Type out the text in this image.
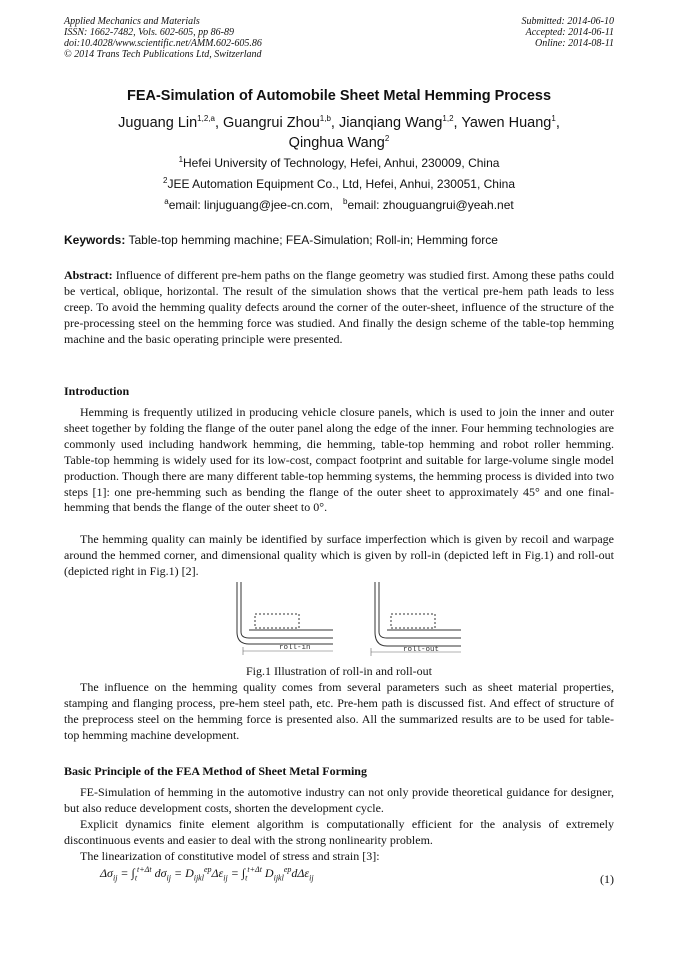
Applied Mechanics and Materials
ISSN: 1662-7482, Vols. 602-605, pp 86-89
doi:10.4028/www.scientific.net/AMM.602-605.86
© 2014 Trans Tech Publications Ltd, Switzerland
Submitted: 2014-06-10
Accepted: 2014-06-11
Online: 2014-08-11
FEA-Simulation of Automobile Sheet Metal Hemming Process
Juguang Lin$^{1,2,a}$, Guangrui Zhou$^{1,b}$, Jianqiang Wang$^{1,2}$, Yawen Huang$^1$,
Qinghua Wang$^2$
$^1$Hefei University of Technology, Hefei, Anhui, 230009, China
$^2$JEE Automation Equipment Co., Ltd, Hefei, Anhui, 230051, China
$^a$email: linjuguang@jee-cn.com, $^b$email: zhouguangrui@yeah.net
Keywords: Table-top hemming machine; FEA-Simulation; Roll-in; Hemming force

Abstract: Influence of different pre-hem paths on the flange geometry was studied first. Among these paths could be vertical, oblique, horizontal. The result of the simulation shows that the vertical pre-hem path leads to less creep. To avoid the hemming quality defects around the corner of the outer-sheet, influence of the structure of the pre-processing steel on the hemming force was studied. And finally the design scheme of the table-top hemming machine and the basic operating principle were presented.

Introduction

Hemming is frequently utilized in producing vehicle closure panels, which is used to join the inner and outer sheet together by folding the flange of the outer panel along the edge of the inner. Four hemming technologies are commonly used including handwork hemming, die hemming, table-top hemming and robot roller hemming. Table-top hemming is widely used for its low-cost, compact footprint and suitable for large-volume single model production. Though there are many different table-top hemming systems, the hemming process is divided into two steps [1]: one pre-hemming such as bending the flange of the outer sheet to approximately 45° and one final-hemming that bends the flange of the outer sheet to 0°.

The hemming quality can mainly be identified by surface imperfection which is given by recoil and warpage around the hemmed corner, and dimensional quality which is given by roll-in (depicted left in Fig.1) and roll-out (depicted right in Fig.1) [2].

roll-in	roll-out
Fig.1 Illustration of roll-in and roll-out

The influence on the hemming quality comes from several parameters such as sheet material properties, stamping and flanging process, pre-hem steel path, etc. Pre-hem path is discussed fist. And effect of structure of the preprocess steel on the hemming force is presented also. All the summarized results are to be used for table-top hemming machine development.

Basic Principle of the FEA Method of Sheet Metal Forming

FE-Simulation of hemming in the automotive industry can not only provide theoretical guidance for designer, but also reduce development costs, shorten the development cycle.

Explicit dynamics finite element algorithm is computationally efficient for the analysis of extremely discontinuous events and easier to deal with the strong nonlinearity problem.

The linearization of constitutive model of stress and strain [3]:

$\Delta\sigma_{ij} = \int_t^{t+\Delta t}$ $d\sigma_{ij} = D_{ijkl}^{ep}\Delta\varepsilon_{ij} = \int_t^{t+\Delta t}$ $D_{ijkl}^{ep}d\Delta\varepsilon_{ij}$	(1)
